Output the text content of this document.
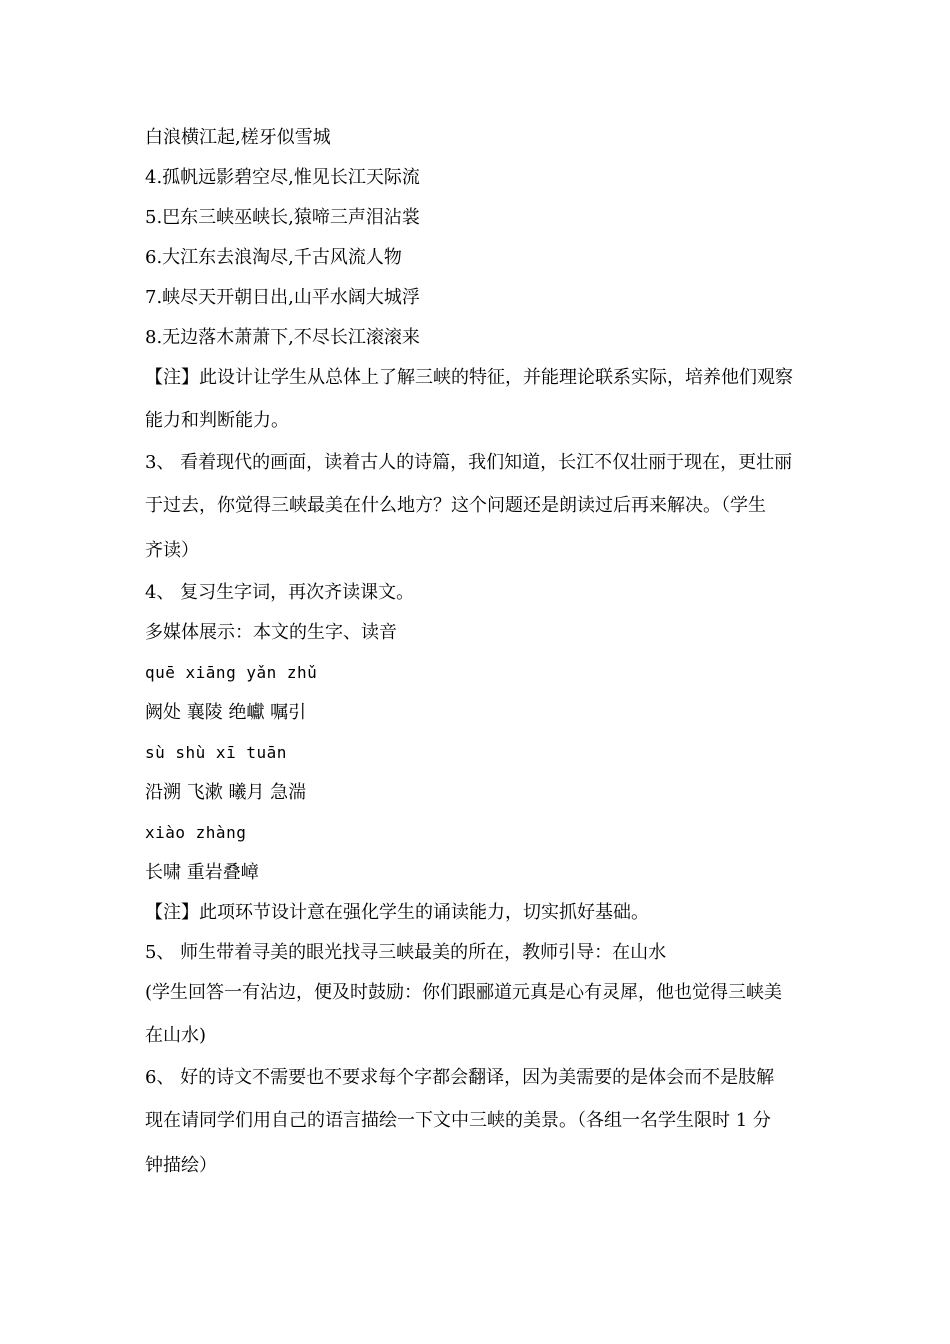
白浪横江起,槎牙似雪城
4.孤帆远影碧空尽,惟见长江天际流
5.巴东三峡巫峡长,猿啼三声泪沾裳
6.大江东去浪淘尽,千古风流人物
7.峡尽天开朝日出,山平水阔大城浮
8.无边落木萧萧下,不尽长江滚滚来
【注】此设计让学生从总体上了解三峡的特征，并能理论联系实际，培养他们观察
能力和判断能力。
3、 看着现代的画面，读着古人的诗篇，我们知道，长江不仅壮丽于现在，更壮丽
于过去，你觉得三峡最美在什么地方？这个问题还是朗读过后再来解决。（学生
齐读）
4、 复习生字词，再次齐读课文。
多媒体展示：本文的生字、读音
quē xiāng yǎn zhǔ
阙处 襄陵 绝巘 嘱引
sù shù xī tuān
沿溯 飞漱 曦月 急湍
xiào zhàng
长啸 重岩叠嶂
【注】此项环节设计意在强化学生的诵读能力，切实抓好基础。
5、 师生带着寻美的眼光找寻三峡最美的所在，教师引导：在山水
(学生回答一有沾边，便及时鼓励：你们跟郦道元真是心有灵犀，他也觉得三峡美
在山水)
6、 好的诗文不需要也不要求每个字都会翻译，因为美需要的是体会而不是肢解
现在请同学们用自己的语言描绘一下文中三峡的美景。（各组一名学生限时 1 分
钟描绘）
